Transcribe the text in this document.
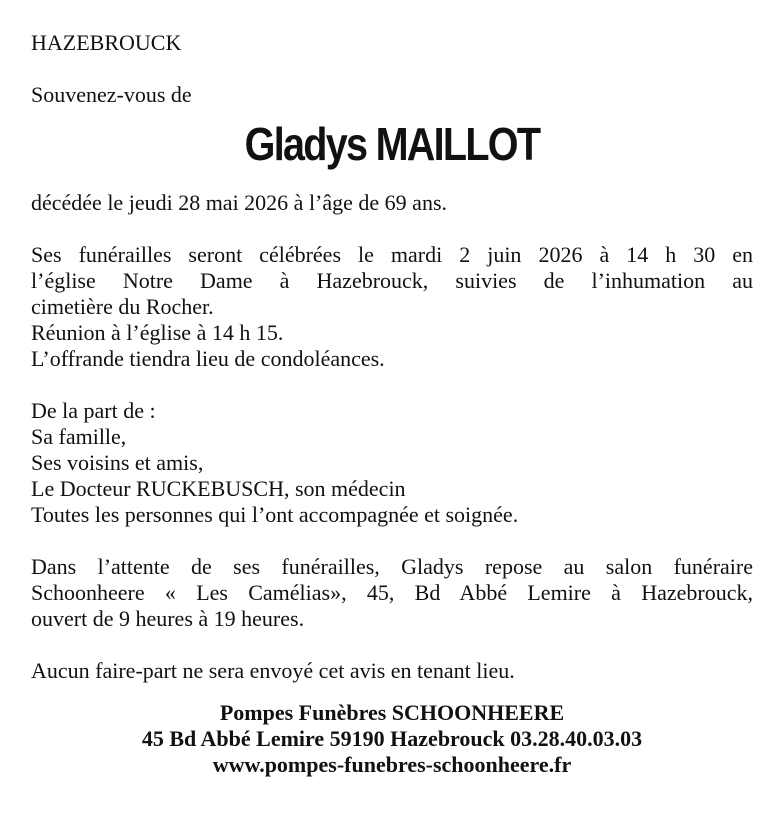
HAZEBROUCK
Souvenez-vous de
Gladys MAILLOT
décédée le jeudi 28 mai 2026 à l’âge de 69 ans.
Ses funérailles seront célébrées le mardi 2 juin 2026 à 14 h 30 en
l’église Notre Dame à Hazebrouck, suivies de l’inhumation au
cimetière du Rocher.
Réunion à l’église à 14 h 15.
L’offrande tiendra lieu de condoléances.
De la part de :
Sa famille,
Ses voisins et amis,
Le Docteur RUCKEBUSCH, son médecin
Toutes les personnes qui l’ont accompagnée et soignée.
Dans l’attente de ses funérailles, Gladys repose au salon funéraire
Schoonheere « Les Camélias», 45, Bd Abbé Lemire à Hazebrouck,
ouvert de 9 heures à 19 heures.
Aucun faire-part ne sera envoyé cet avis en tenant lieu.
Pompes Funèbres SCHOONHEERE
45 Bd Abbé Lemire 59190 Hazebrouck 03.28.40.03.03
www.pompes-funebres-schoonheere.fr
